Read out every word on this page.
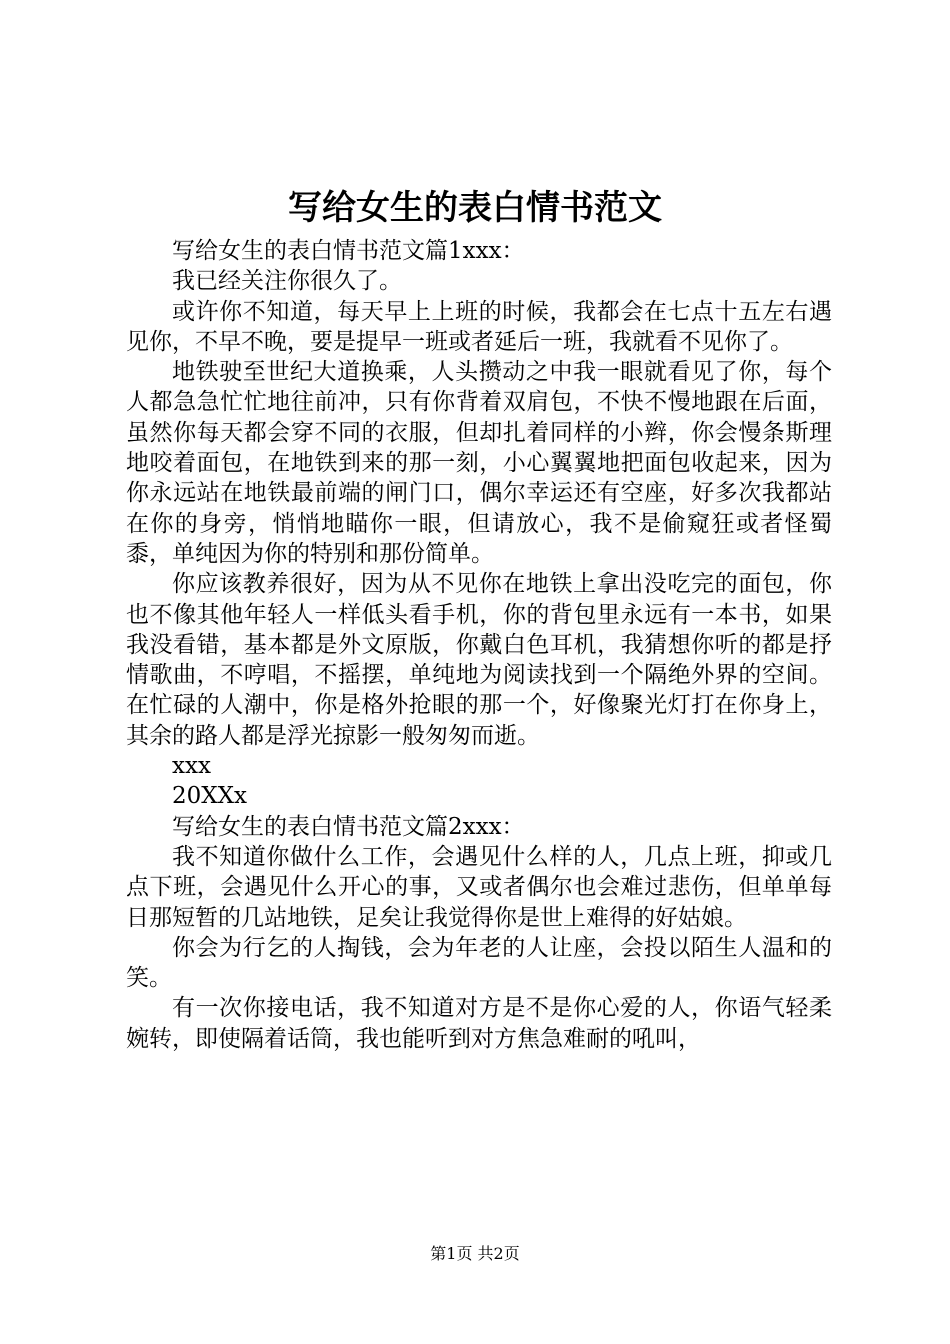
写给女生的表白情书范文

写给女生的表白情书范文篇1xxx：

我已经关注你很久了。

或许你不知道，每天早上上班的时候，我都会在七点十五左右遇见你，不早不晚，要是提早一班或者延后一班，我就看不见你了。

地铁驶至世纪大道换乘，人头攒动之中我一眼就看见了你，每个人都急急忙忙地往前冲，只有你背着双肩包，不快不慢地跟在后面，虽然你每天都会穿不同的衣服，但却扎着同样的小辫，你会慢条斯理地咬着面包，在地铁到来的那一刻，小心翼翼地把面包收起来，因为你永远站在地铁最前端的闸门口，偶尔幸运还有空座，好多次我都站在你的身旁，悄悄地瞄你一眼，但请放心，我不是偷窥狂或者怪蜀黍，单纯因为你的特别和那份简单。

你应该教养很好，因为从不见你在地铁上拿出没吃完的面包，你也不像其他年轻人一样低头看手机，你的背包里永远有一本书，如果我没看错，基本都是外文原版，你戴白色耳机，我猜想你听的都是抒情歌曲，不哼唱，不摇摆，单纯地为阅读找到一个隔绝外界的空间。在忙碌的人潮中，你是格外抢眼的那一个，好像聚光灯打在你身上，其余的路人都是浮光掠影一般匆匆而逝。

xxx

20XXx

写给女生的表白情书范文篇2xxx：

我不知道你做什么工作，会遇见什么样的人，几点上班，抑或几点下班，会遇见什么开心的事，又或者偶尔也会难过悲伤，但单单每日那短暂的几站地铁，足矣让我觉得你是世上难得的好姑娘。

你会为行乞的人掏钱，会为年老的人让座，会投以陌生人温和的笑。

有一次你接电话，我不知道对方是不是你心爱的人，你语气轻柔婉转，即使隔着话筒，我也能听到对方焦急难耐的吼叫，

第1页 共2页
